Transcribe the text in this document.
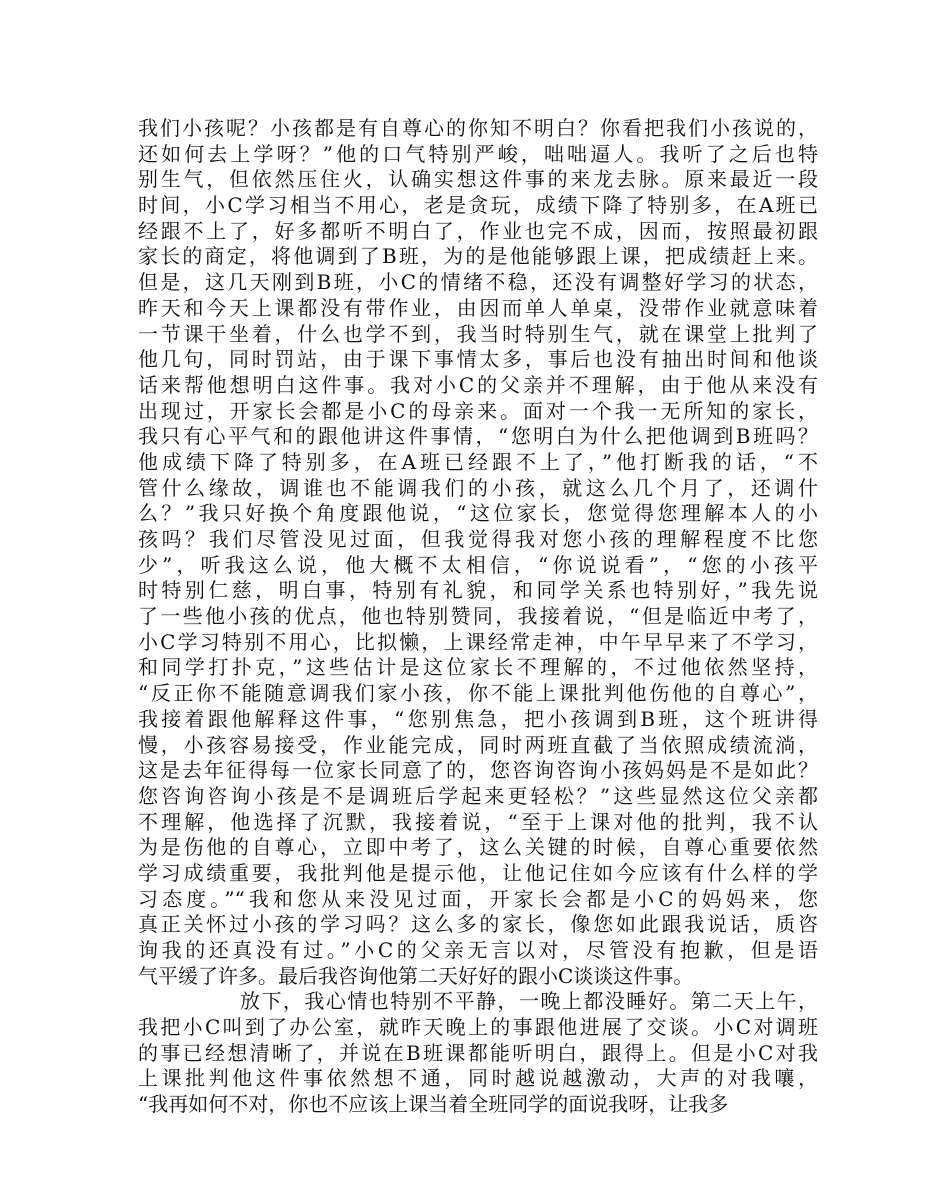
我们小孩呢？小孩都是有自尊心的你知不明白？你看把我们小孩说的，
还如何去上学呀？”他的口气特别严峻，咄咄逼人。我听了之后也特
别生气，但依然压住火，认确实想这件事的来龙去脉。原来最近一段
时间，小C学习相当不用心，老是贪玩，成绩下降了特别多，在A班已
经跟不上了，好多都听不明白了，作业也完不成，因而，按照最初跟
家长的商定，将他调到了B班，为的是他能够跟上课，把成绩赶上来。
但是，这几天刚到B班，小C的情绪不稳，还没有调整好学习的状态，
昨天和今天上课都没有带作业，由因而单人单桌，没带作业就意味着
一节课干坐着，什么也学不到，我当时特别生气，就在课堂上批判了
他几句，同时罚站，由于课下事情太多，事后也没有抽出时间和他谈
话来帮他想明白这件事。我对小C的父亲并不理解，由于他从来没有
出现过，开家长会都是小C的母亲来。面对一个我一无所知的家长，
我只有心平气和的跟他讲这件事情，“您明白为什么把他调到B班吗？
他成绩下降了特别多，在A班已经跟不上了，”他打断我的话，“不
管什么缘故，调谁也不能调我们的小孩，就这么几个月了，还调什
么？”我只好换个角度跟他说，“这位家长，您觉得您理解本人的小
孩吗？我们尽管没见过面，但我觉得我对您小孩的理解程度不比您
少”，听我这么说，他大概不太相信，“你说说看”，“您的小孩平
时特别仁慈，明白事，特别有礼貌，和同学关系也特别好，”我先说
了一些他小孩的优点，他也特别赞同，我接着说，“但是临近中考了，
小C学习特别不用心，比拟懒，上课经常走神，中午早早来了不学习，
和同学打扑克，”这些估计是这位家长不理解的，不过他依然坚持，
“反正你不能随意调我们家小孩，你不能上课批判他伤他的自尊心”，
我接着跟他解释这件事，“您别焦急，把小孩调到B班，这个班讲得
慢，小孩容易接受，作业能完成，同时两班直截了当依照成绩流淌，
这是去年征得每一位家长同意了的，您咨询咨询小孩妈妈是不是如此？
您咨询咨询小孩是不是调班后学起来更轻松？”这些显然这位父亲都
不理解，他选择了沉默，我接着说，“至于上课对他的批判，我不认
为是伤他的自尊心，立即中考了，这么关键的时候，自尊心重要依然
学习成绩重要，我批判他是提示他，让他记住如今应该有什么样的学
习态度。”“我和您从来没见过面，开家长会都是小C的妈妈来，您
真正关怀过小孩的学习吗？这么多的家长，像您如此跟我说话，质咨
询我的还真没有过。”小C的父亲无言以对，尽管没有抱歉，但是语
气平缓了许多。最后我咨询他第二天好好的跟小C谈谈这件事。
放下，我心情也特别不平静，一晚上都没睡好。第二天上午，
我把小C叫到了办公室，就昨天晚上的事跟他进展了交谈。小C对调班
的事已经想清晰了，并说在B班课都能听明白，跟得上。但是小C对我
上课批判他这件事依然想不通，同时越说越激动，大声的对我嚷，
“我再如何不对，你也不应该上课当着全班同学的面说我呀，让我多
